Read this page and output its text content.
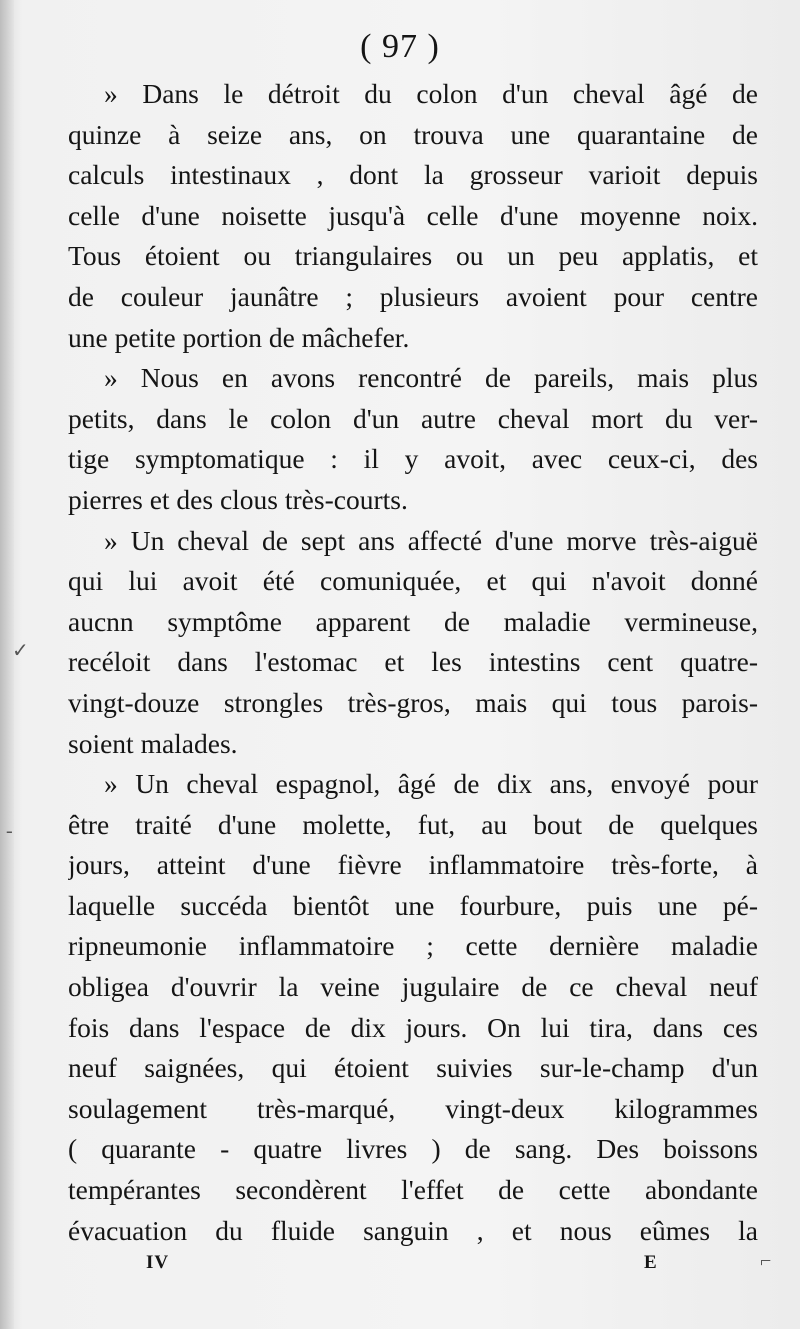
( 97 )
» Dans le détroit du colon d'un cheval âgé de
quinze à seize ans, on trouva une quarantaine de
calculs intestinaux , dont la grosseur varioit depuis
celle d'une noisette jusqu'à celle d'une moyenne noix.
Tous étoient ou triangulaires ou un peu applatis, et
de couleur jaunâtre ; plusieurs avoient pour centre
une petite portion de mâchefer.
» Nous en avons rencontré de pareils, mais plus
petits, dans le colon d'un autre cheval mort du ver-
tige symptomatique : il y avoit, avec ceux-ci, des
pierres et des clous très-courts.
» Un cheval de sept ans affecté d'une morve très-aiguë
qui lui avoit été comuniquée, et qui n'avoit donné
aucnn symptôme apparent de maladie vermineuse,
recéloit dans l'estomac et les intestins cent quatre-
vingt-douze strongles très-gros, mais qui tous parois-
soient malades.
» Un cheval espagnol, âgé de dix ans, envoyé pour
être traité d'une molette, fut, au bout de quelques
jours, atteint d'une fièvre inflammatoire très-forte, à
laquelle succéda bientôt une fourbure, puis une pé-
ripneumonie inflammatoire ; cette dernière maladie
obligea d'ouvrir la veine jugulaire de ce cheval neuf
fois dans l'espace de dix jours. On lui tira, dans ces
neuf saignées, qui étoient suivies sur-le-champ d'un
soulagement très-marqué, vingt-deux kilogrammes
( quarante - quatre livres ) de sang. Des boissons
tempérantes secondèrent l'effet de cette abondante
évacuation du fluide sanguin , et nous eûmes la
IV	E
✓
-
⌐
